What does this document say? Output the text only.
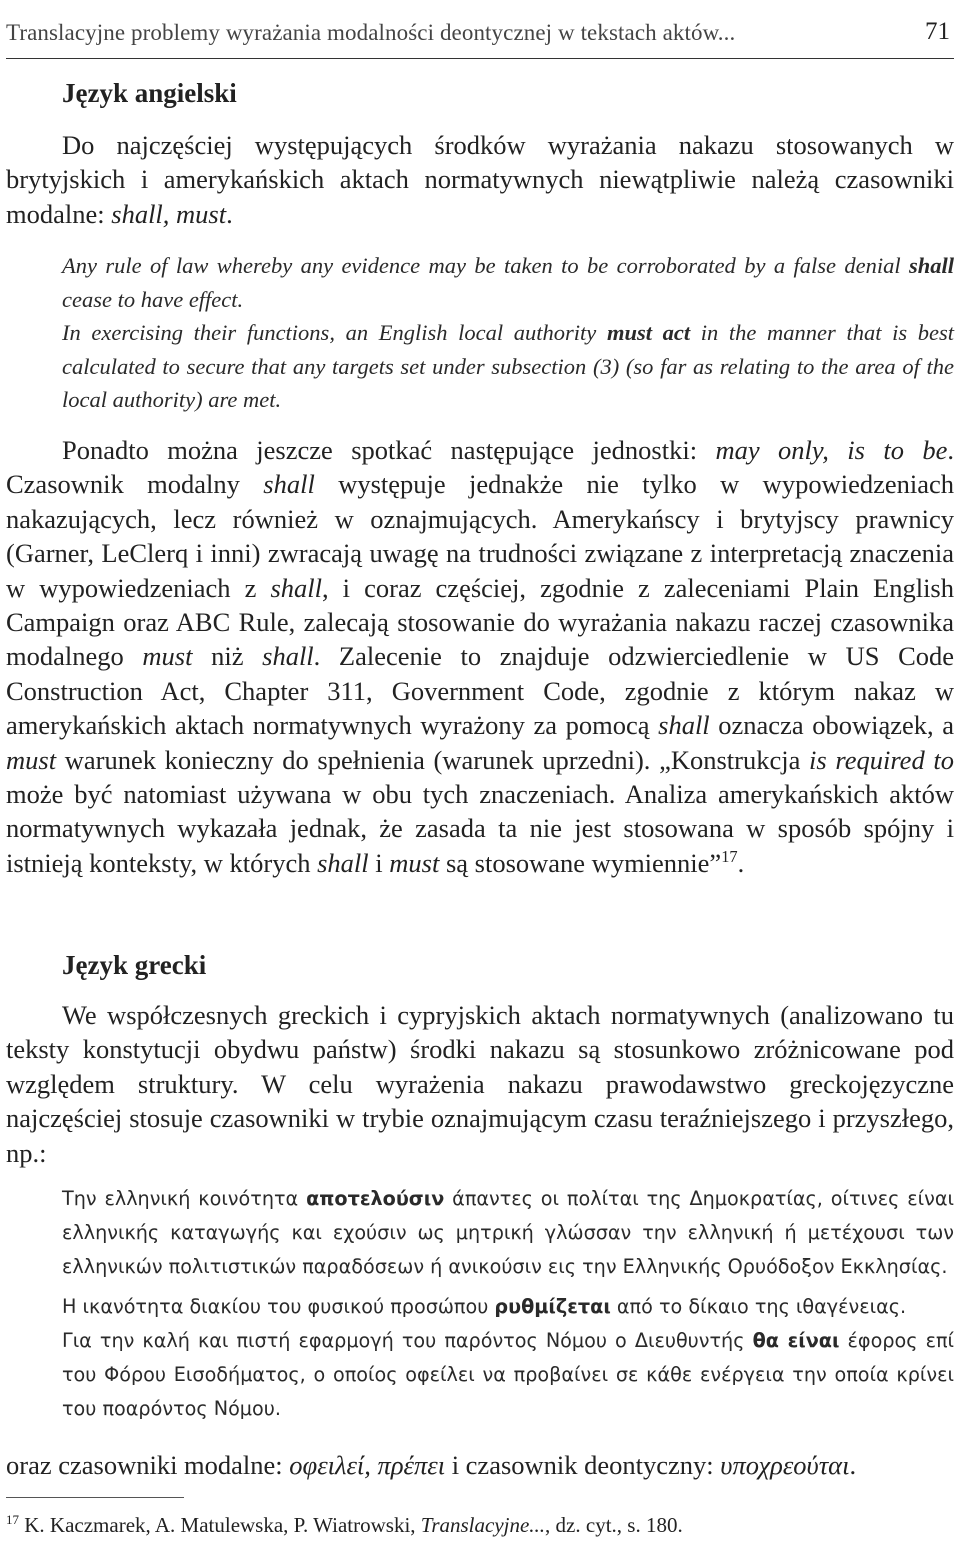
Translacyjne problemy wyrażania modalności deontycznej w tekstach aktów...	71
Język angielski

Do najczęściej występujących środków wyrażania nakazu stosowanych w brytyjskich i amerykańskich aktach normatywnych niewątpliwie należą czasowniki modalne: shall, must.

Any rule of law whereby any evidence may be taken to be corroborated by a false denial shall cease to have effect.

In exercising their functions, an English local authority must act in the manner that is best calculated to secure that any targets set under subsection (3) (so far as relating to the area of the local authority) are met.

Ponadto można jeszcze spotkać następujące jednostki: may only, is to be. Czasownik modalny shall występuje jednakże nie tylko w wypowiedzeniach nakazujących, lecz również w oznajmujących. Amerykańscy i brytyjscy prawnicy (Garner, LeClerq i inni) zwracają uwagę na trudności związane z interpretacją znaczenia w wypowiedzeniach z shall, i coraz częściej, zgodnie z zaleceniami Plain English Campaign oraz ABC Rule, zalecają stosowanie do wyrażania nakazu raczej czasownika modalnego must niż shall. Zalecenie to znajduje odzwierciedlenie w US Code Construction Act, Chapter 311, Government Code, zgodnie z którym nakaz w amerykańskich aktach normatywnych wyrażony za pomocą shall oznacza obowiązek, a must warunek konieczny do spełnienia (warunek uprzedni). „Konstrukcja is required to może być natomiast używana w obu tych znaczeniach. Analiza amerykańskich aktów normatywnych wykazała jednak, że zasada ta nie jest stosowana w sposób spójny i istnieją konteksty, w których shall i must są stosowane wymiennie”$^{17}$.

Język grecki

We współczesnych greckich i cypryjskich aktach normatywnych (analizowano tu teksty konstytucji obydwu państw) środki nakazu są stosunkowo zróżnicowane pod względem struktury. W celu wyrażenia nakazu prawodawstwo greckojęzyczne najczęściej stosuje czasowniki w trybie oznajmującym czasu teraźniejszego i przyszłego, np.:

Την ελληνική κοινότητα αποτελούσιν άπαντες οι πολίται της Δημοκρατίας, οίτινες είναι ελληνικής καταγωγής και εχούσιν ως μητρική γλώσσαν την ελληνική ή μετέχουσι των ελληνικών πολιτιστικών παραδόσεων ή ανικούσιν εις την Ελληνικής Ορυόδοξον Εκκλησίας.

Η ικανότητα διακίου του φυσικού προσώπου ρυθμίζεται από το δίκαιο της ιθαγένειας.

Για την καλή και πιστή εφαρμογή του παρόντος Νόμου ο Διευθυντής θα είναι έφορος επί του Φόρου Εισοδήματος, ο οποίος οφείλει να προβαίνει σε κάθε ενέργεια την οποία κρίνει του ποαρόντος Νόμου.

oraz czasowniki modalne: οφειλεί, πρέπει i czasownik deontyczny: υποχρεούται.

$^{17}$ K. Kaczmarek, A. Matulewska, P. Wiatrowski, Translacyjne..., dz. cyt., s. 180.
